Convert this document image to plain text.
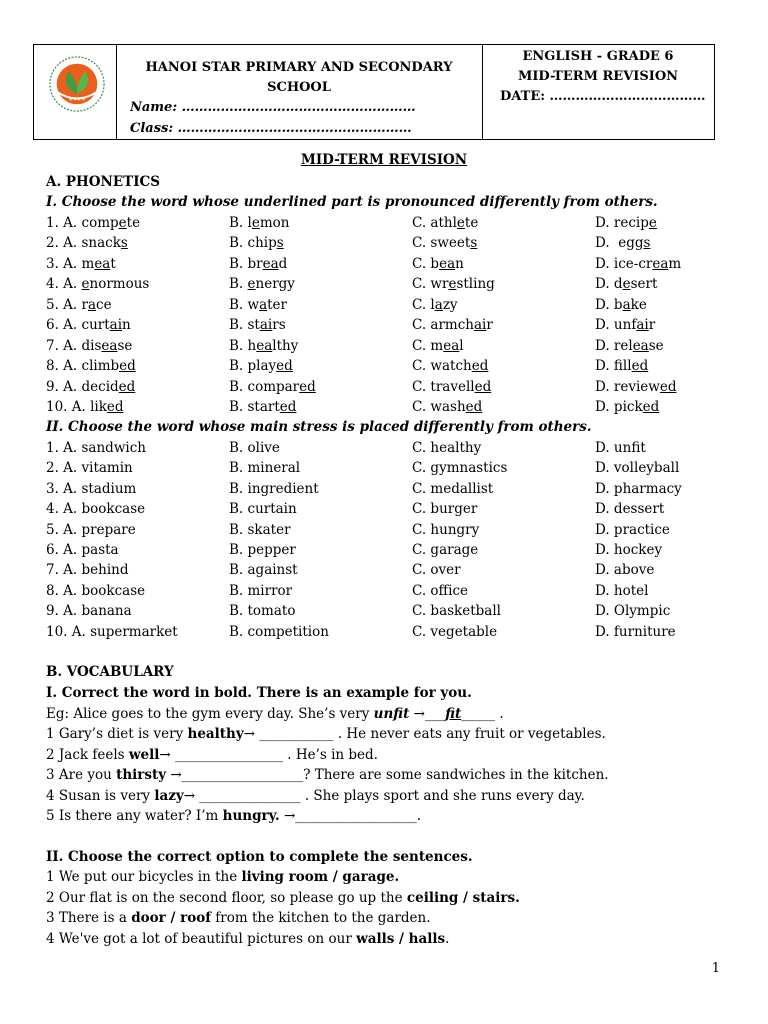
★★★★
HANOI STAR PRIMARY AND SECONDARY
SCHOOL
Name: ………………………………………………
Class: ………………………………………………
ENGLISH - GRADE 6
MID-TERM REVISION
DATE: ………………………………
MID-TERM REVISION
A. PHONETICS
I. Choose the word whose underlined part is pronounced differently from others.
1. A. compete	B. lemon	C. athlete	D. recipe
2. A. snacks	B. chips	C. sweets	D.  eggs
3. A. meat	B. bread	C. bean	D. ice-cream
4. A. enormous	B. energy	C. wrestling	D. desert
5. A. race	B. water	C. lazy	D. bake
6. A. curtain	B. stairs	C. armchair	D. unfair
7. A. disease	B. healthy	C. meal	D. release
8. A. climbed	B. played	C. watched	D. filled
9. A. decided	B. compared	C. travelled	D. reviewed
10. A. liked	B. started	C. washed	D. picked
II. Choose the word whose main stress is placed differently from others.
1. A. sandwich	B. olive	C. healthy	D. unfit
2. A. vitamin	B. mineral	C. gymnastics	D. volleyball
3. A. stadium	B. ingredient	C. medallist	D. pharmacy
4. A. bookcase	B. curtain	C. burger	D. dessert
5. A. prepare	B. skater	C. hungry	D. practice
6. A. pasta	B. pepper	C. garage	D. hockey
7. A. behind	B. against	C. over	D. above
8. A. bookcase	B. mirror	C. office	D. hotel
9. A. banana	B. tomato	C. basketball	D. Olympic
10. A. supermarket	B. competition	C. vegetable	D. furniture
B. VOCABULARY
I. Correct the word in bold. There is an example for you.
Eg: Alice goes to the gym every day. She’s very unfit →___fit_____ .
1 Gary’s diet is very healthy→ ___________ . He never eats any fruit or vegetables.
2 Jack feels well→ ________________ . He’s in bed.
3 Are you thirsty →__________________? There are some sandwiches in the kitchen.
4 Susan is very lazy→ _______________ . She plays sport and she runs every day.
5 Is there any water? I’m hungry. →__________________.
II. Choose the correct option to complete the sentences.
1 We put our bicycles in the living room / garage.
2 Our flat is on the second floor, so please go up the ceiling / stairs.
3 There is a door / roof from the kitchen to the garden.
4 We've got a lot of beautiful pictures on our walls / halls.
1
